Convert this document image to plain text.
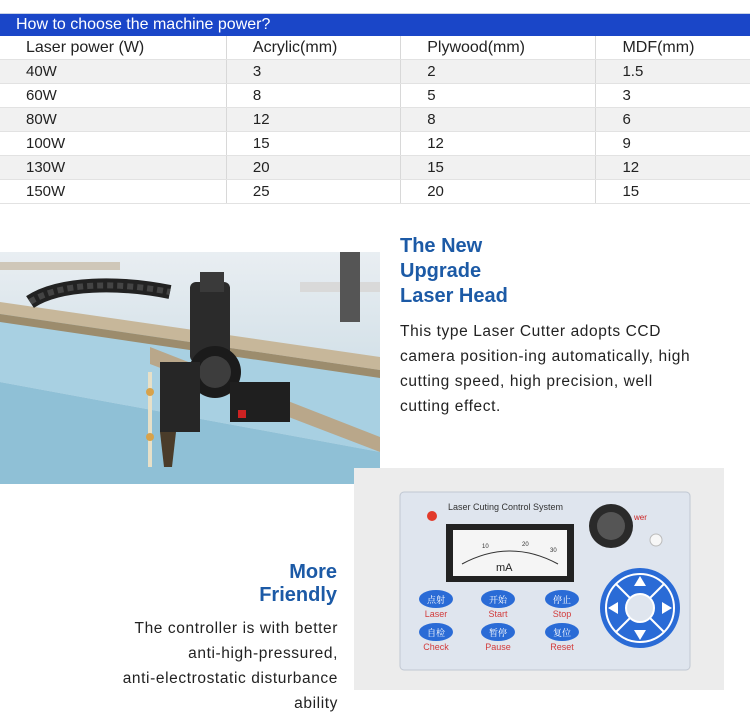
How to choose the machine power?
Laser power (W)	Acrylic(mm)	Plywood(mm)	MDF(mm)
40W	3	2	1.5
60W	8	5	3
80W	12	8	6
100W	15	12	9
130W	20	15	12
150W	25	20	15
The New
Upgrade
Laser Head
This type Laser Cutter adopts CCD
camera position-ing automatically, high
cutting speed, high precision, well
cutting effect.
Laser Cuting Control System
wer
10	20
30
mA
点射
Laser
开始
Start
停止
Stop
自检
Check
暂停
Pause
复位
Reset
More
Friendly
The controller is with better
anti-high-pressured,
anti-electrostatic disturbance
ability
